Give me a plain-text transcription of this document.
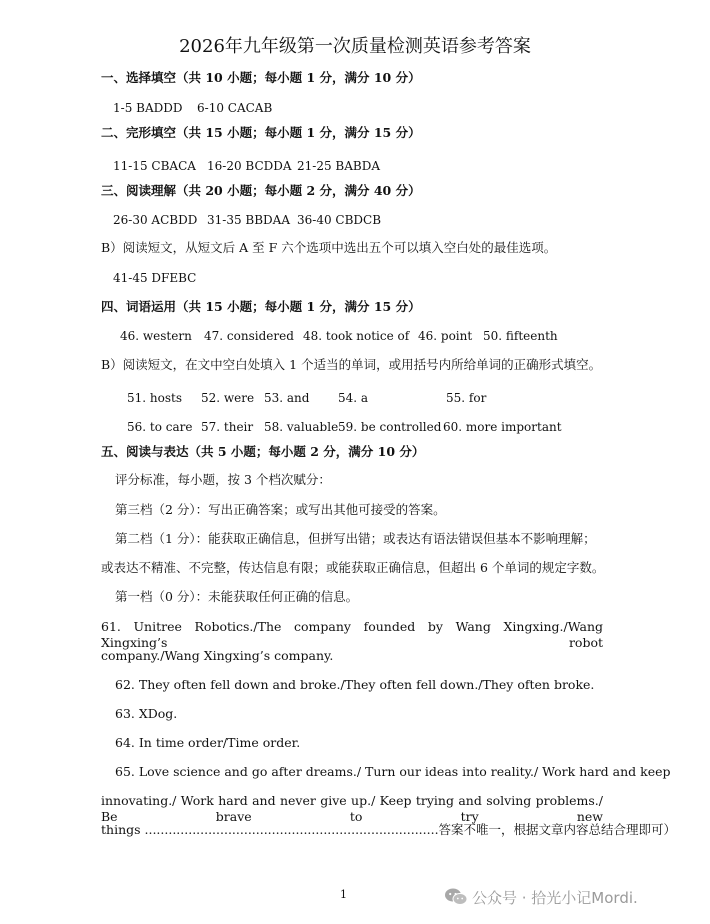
2026年九年级第一次质量检测英语参考答案
一、选择填空（共 10 小题；每小题 1 分，满分 10 分）
1-5 BADDD 6-10 CACAB
二、完形填空（共 15 小题；每小题 1 分，满分 15 分）
11-15 CBACA 16-20 BCDDA 21-25 BABDA
三、阅读理解（共 20 小题；每小题 2 分，满分 40 分）
26-30 ACBDD 31-35 BBDAA 36-40 CBDCB
B）阅读短文，从短文后 A 至 F 六个选项中选出五个可以填入空白处的最佳选项。
41-45 DFEBC
四、词语运用（共 15 小题；每小题 1 分，满分 15 分）
46. western 47. considered 48. took notice of 46. point 50. fifteenth
B）阅读短文，在文中空白处填入 1 个适当的单词，或用括号内所给单词的正确形式填空。
51. hosts 52. were 53. and 54. a	55. for
56. to care 57. their 58. valuable 59. be controlled 60. more important
五、阅读与表达（共 5 小题；每小题 2 分，满分 10 分）
评分标准，每小题，按 3 个档次赋分：
第三档（2 分）：写出正确答案；或写出其他可接受的答案。
第二档（1 分）：能获取正确信息，但拼写出错；或表达有语法错误但基本不影响理解；
或表达不精准、不完整，传达信息有限；或能获取正确信息，但超出 6 个单词的规定字数。
第一档（0 分）：未能获取任何正确的信息。
61. Unitree Robotics./The company founded by Wang Xingxing./Wang Xingxing’s robot
company./Wang Xingxing’s company.
62. They often fell down and broke./They often fell down./They often broke.
63. XDog.
64. In time order/Time order.
65. Love science and go after dreams./ Turn our ideas into reality./ Work hard and keep
innovating./ Work hard and never give up./ Keep trying and solving problems./ Be brave to try new
things ..........................................................................答案不唯一，根据文章内容总结合理即可）
1	公众号 · 拾光小记Mordi.
